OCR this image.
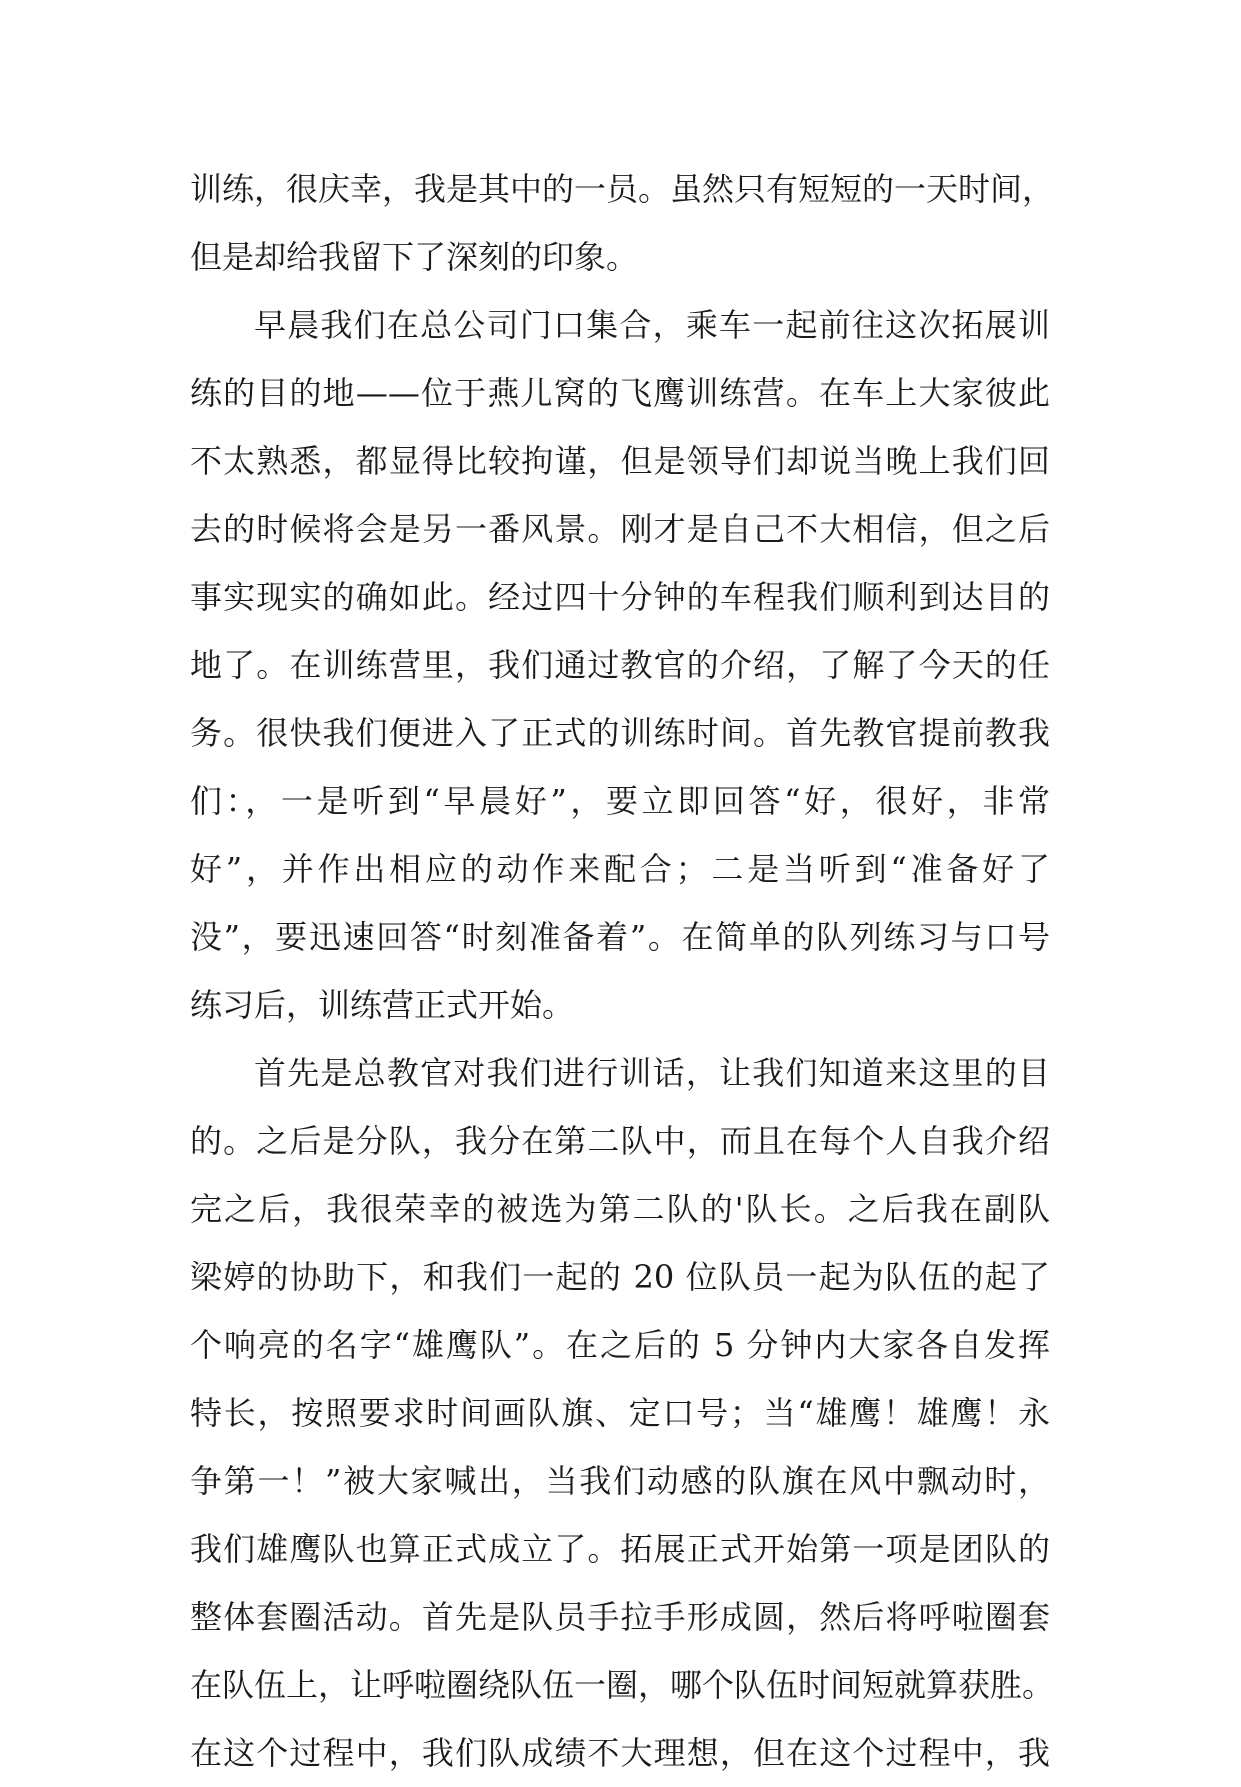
训练，很庆幸，我是其中的一员。虽然只有短短的一天时间，
但是却给我留下了深刻的印象。
早晨我们在总公司门口集合，乘车一起前往这次拓展训
练的目的地——位于燕儿窝的飞鹰训练营。在车上大家彼此
不太熟悉，都显得比较拘谨，但是领导们却说当晚上我们回
去的时候将会是另一番风景。刚才是自己不大相信，但之后
事实现实的确如此。经过四十分钟的车程我们顺利到达目的
地了。在训练营里，我们通过教官的介绍，了解了今天的任
务。很快我们便进入了正式的训练时间。首先教官提前教我
们：，一是听到“早晨好”，要立即回答“好，很好，非常
好”，并作出相应的动作来配合；二是当听到“准备好了
没”，要迅速回答“时刻准备着”。在简单的队列练习与口号
练习后，训练营正式开始。
首先是总教官对我们进行训话，让我们知道来这里的目
的。之后是分队，我分在第二队中，而且在每个人自我介绍
完之后，我很荣幸的被选为第二队的'队长。之后我在副队
梁婷的协助下，和我们一起的 20 位队员一起为队伍的起了
个响亮的名字“雄鹰队”。在之后的 5 分钟内大家各自发挥
特长，按照要求时间画队旗、定口号；当“雄鹰！雄鹰！永
争第一！”被大家喊出，当我们动感的队旗在风中飘动时，
我们雄鹰队也算正式成立了。拓展正式开始第一项是团队的
整体套圈活动。首先是队员手拉手形成圆，然后将呼啦圈套
在队伍上，让呼啦圈绕队伍一圈，哪个队伍时间短就算获胜。
在这个过程中，我们队成绩不大理想，但在这个过程中，我
